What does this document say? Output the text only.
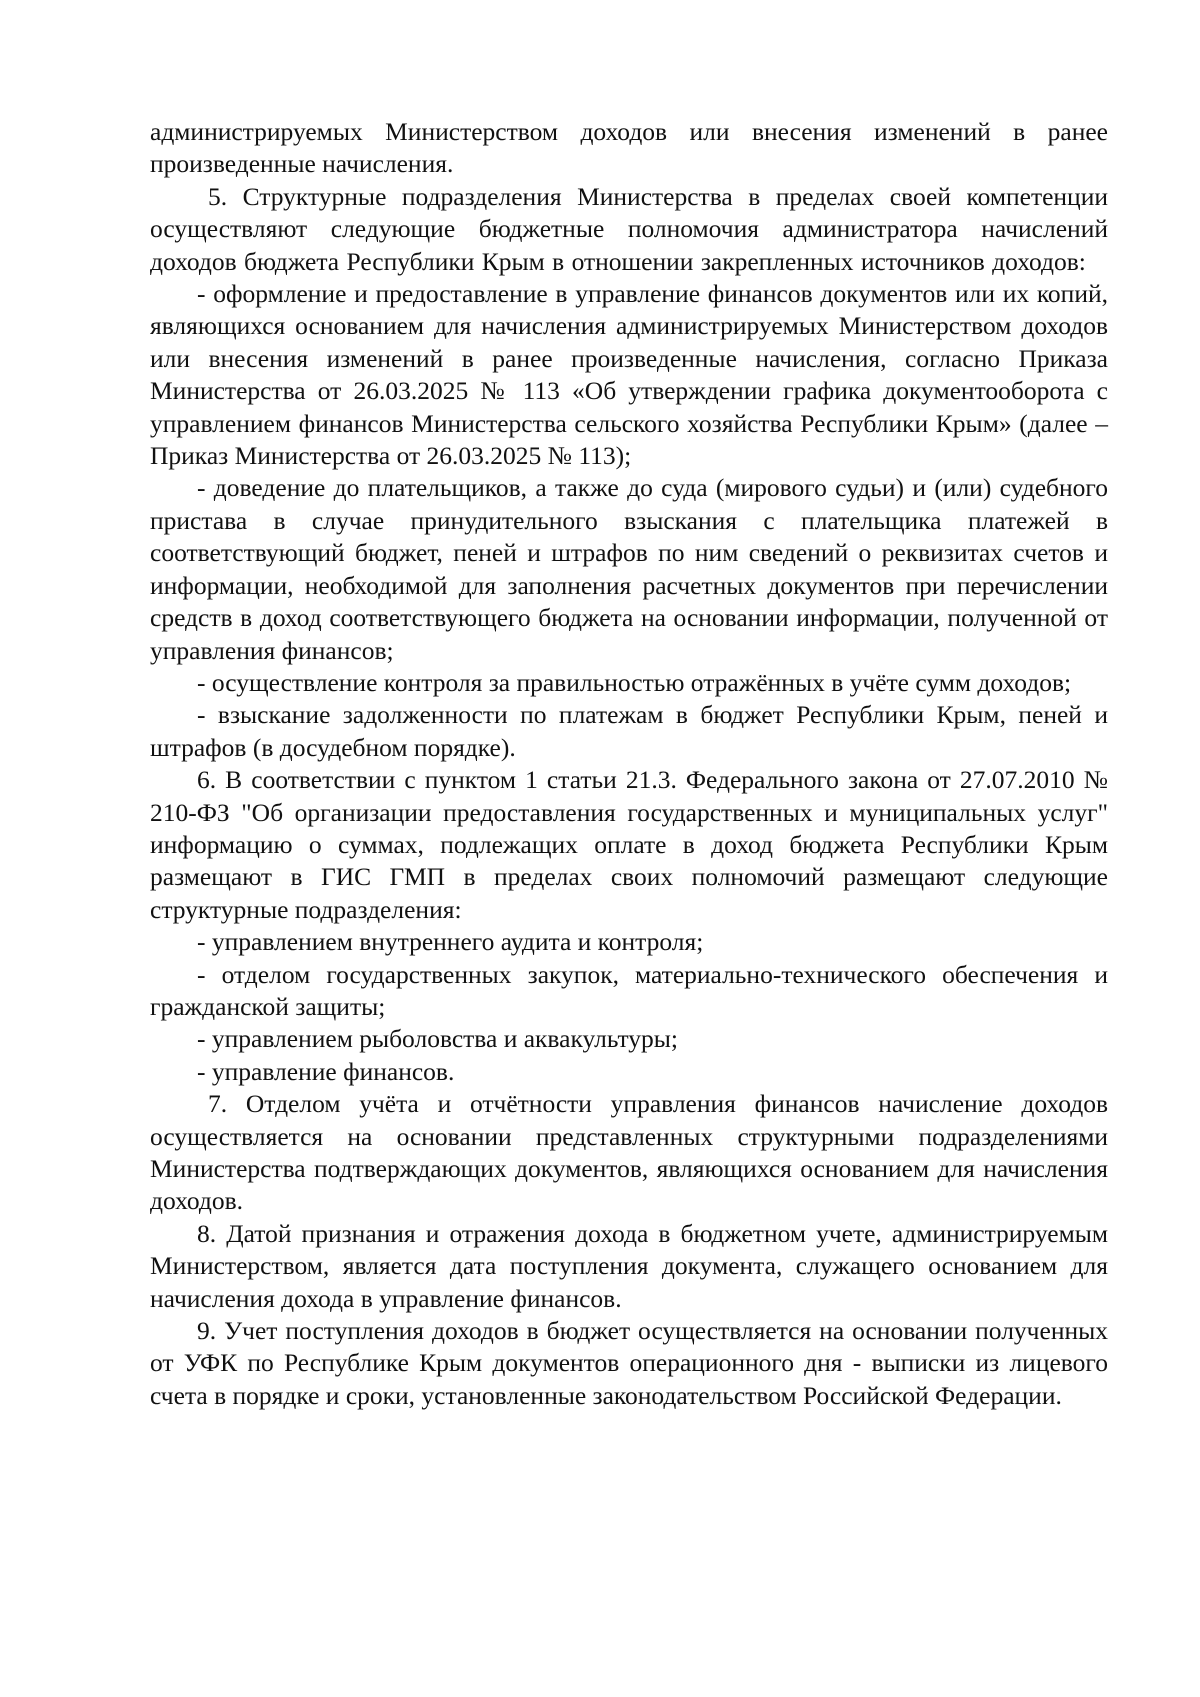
администрируемых Министерством доходов или внесения изменений в ранее произведенные начисления.

5. Структурные подразделения Министерства в пределах своей компетенции осуществляют следующие бюджетные полномочия администратора начислений доходов бюджета Республики Крым в отношении закрепленных источников доходов:

- оформление и предоставление в управление финансов документов или их копий, являющихся основанием для начисления администрируемых Министерством доходов или внесения изменений в ранее произведенные начисления, согласно Приказа Министерства от 26.03.2025 № 113 «Об утверждении графика документооборота с управлением финансов Министерства сельского хозяйства Республики Крым» (далее – Приказ Министерства от 26.03.2025 № 113);

- доведение до плательщиков, а также до суда (мирового судьи) и (или) судебного пристава в случае принудительного взыскания с плательщика платежей в соответствующий бюджет, пеней и штрафов по ним сведений о реквизитах счетов и информации, необходимой для заполнения расчетных документов при перечислении средств в доход соответствующего бюджета на основании информации, полученной от управления финансов;

- осуществление контроля за правильностью отражённых в учёте сумм доходов;

- взыскание задолженности по платежам в бюджет Республики Крым, пеней и штрафов (в досудебном порядке).

6. В соответствии с пунктом 1 статьи 21.3. Федерального закона от 27.07.2010 № 210-ФЗ "Об организации предоставления государственных и муниципальных услуг" информацию о суммах, подлежащих оплате в доход бюджета Республики Крым размещают в ГИС ГМП в пределах своих полномочий размещают следующие структурные подразделения:

- управлением внутреннего аудита и контроля;

- отделом государственных закупок, материально-технического обеспечения и гражданской защиты;

- управлением рыболовства и аквакультуры;

- управление финансов.

7. Отделом учёта и отчётности управления финансов начисление доходов осуществляется на основании представленных структурными подразделениями Министерства подтверждающих документов, являющихся основанием для начисления доходов.

8. Датой признания и отражения дохода в бюджетном учете, администрируемым Министерством, является дата поступления документа, служащего основанием для начисления дохода в управление финансов.

9. Учет поступления доходов в бюджет осуществляется на основании полученных от УФК по Республике Крым документов операционного дня - выписки из лицевого счета в порядке и сроки, установленные законодательством Российской Федерации.
